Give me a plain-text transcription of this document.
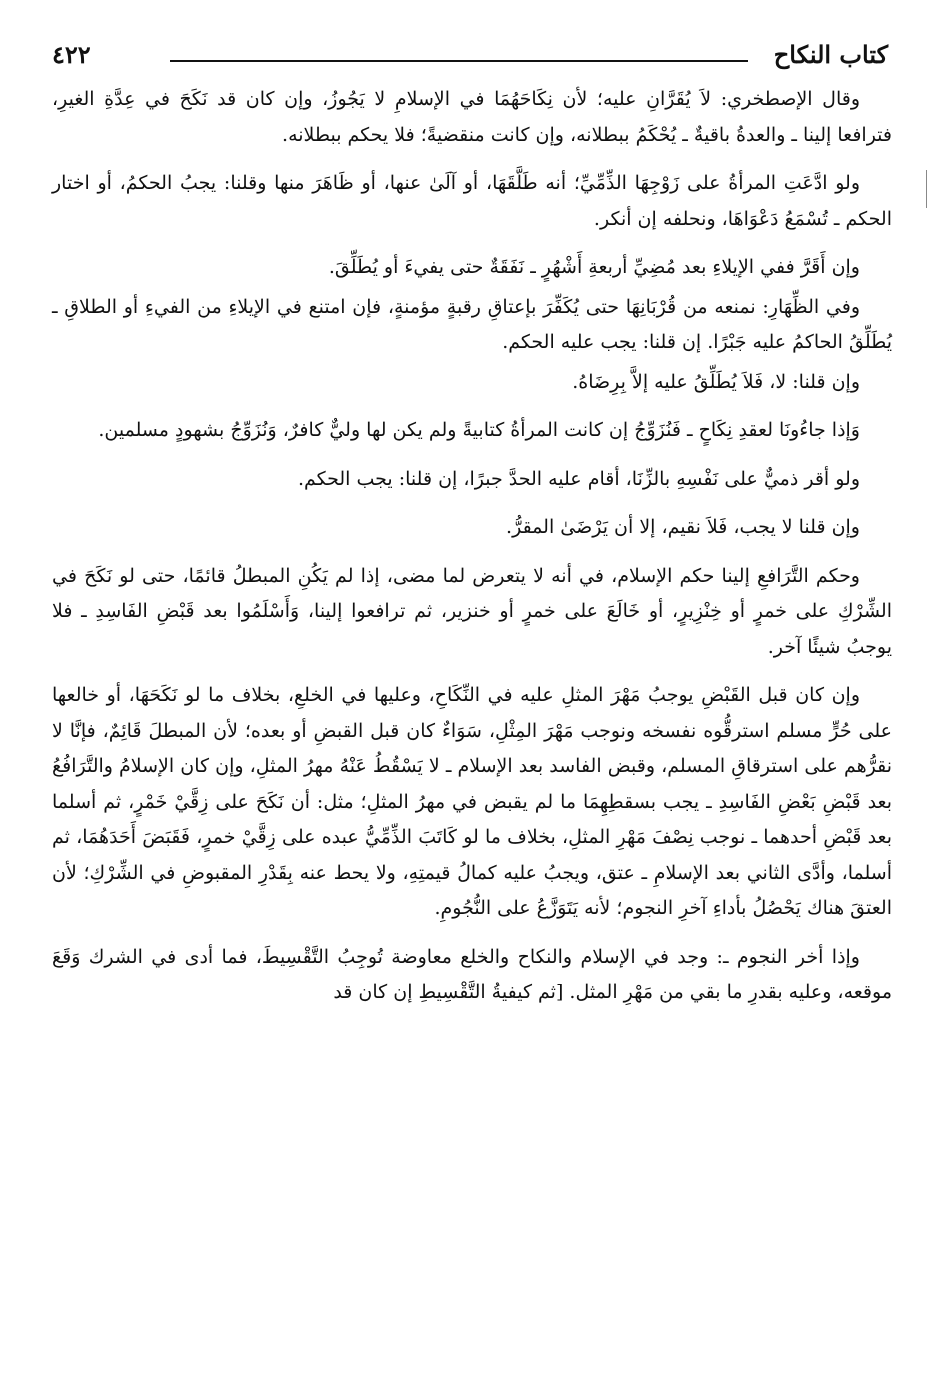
كتاب النكاح
٤٢٢

وقال الإصطخري: لاَ يُقَرَّانِ عليه؛ لأن نِكَاحَهُمَا في الإسلامِ لا يَجُوزُ، وإن كان قد نَكَحَ في عِدَّةِ الغيرِ، فترافعا إلينا ـ والعدةُ باقيةٌ ـ يُحْكَمُ ببطلانه، وإن كانت منقضيةً؛ فلا يحكم ببطلانه.

ولو ادَّعَتِ المرأةُ على زَوْجِهَا الذِّمِّيِّ؛ أنه طَلَّقَهَا، أو آلَىٰ عنها، أو ظَاهَرَ منها وقلنا: يجبُ الحكمُ، أو اختار الحكم ـ تُسْمَعُ دَعْوَاهَا، ونحلفه إن أنكر.

وإن أَقَرَّ ففي الإيلاءِ بعد مُضِيِّ أربعةِ أَشْهُرٍ ـ نَفَقَةٌ حتى يفيءَ أو يُطَلِّقَ.

وفي الظِّهَارِ: نمنعه من قُرْبَانِهَا حتى يُكَفِّرَ بإعتاقِ رقبةٍ مؤمنةٍ، فإن امتنع في الإيلاءِ من الفيءِ أو الطلاقِ ـ يُطَلِّقُ الحاكمُ عليه جَبْرًا. إن قلنا: يجب عليه الحكم.

وإن قلنا: لا، فَلاَ يُطَلِّقُ عليه إلاَّ بِرِضَاهُ.

وَإذا جاءُونَا لعقدِ نِكَاحٍ ـ فَنُزَوِّجُ إن كانت المرأةُ كتابيةً ولم يكن لها وليٌّ كافرٌ، وَنُزَوِّجُ بشهودٍ مسلمين.

ولو أقر ذميٌّ على نَفْسِهِ بالزِّنَا، أقام عليه الحدَّ جبرًا، إن قلنا: يجب الحكم.

وإن قلنا لا يجب، فَلاَ نقيم، إلا أن يَرْضَىٰ المقرُّ.

وحكم التَّرَافعِ إلينا حكم الإسلام، في أنه لا يتعرض لما مضى، إذا لم يَكُنِ المبطلُ قائمًا، حتى لو نَكَحَ في الشِّرْكِ على خمرٍ أو خِنْزِيرٍ، أو خَالَعَ على خمرٍ أو خنزير، ثم ترافعوا إلينا، وَأَسْلَمُوا بعد قَبْضِ الفَاسِدِ ـ فلا يوجبُ شيئًا آخر.

وإن كان قبل القَبْضِ يوجبُ مَهْرَ المثلِ عليه في النِّكَاحِ، وعليها في الخلعِ، بخلاف ما لو نَكَحَهَا، أو خالعها على حُرٍّ مسلم استرقُّوه نفسخه ونوجب مَهْرَ المِثْلِ، سَوَاءٌ كان قبل القبضِ أو بعده؛ لأن المبطلَ قَائِمٌ، فإنَّا لا نقرُّهم على استرقاقِ المسلم، وقبض الفاسد بعد الإسلام ـ لا يَسْقُطُ عَنْهُ مهرُ المثلِ، وإن كان الإسلامُ والتَّرَافُعُ بعد قَبْضِ بَعْضِ الفَاسِدِ ـ يجب بسقطِهِمَا ما لم يقبض في مهرُ المثلِ؛ مثل: أن نَكَحَ على زِقَّيْ خَمْرٍ، ثم أسلما بعد قَبْضِ أحدهما ـ نوجب نِصْفَ مَهْرِ المثلِ، بخلاف ما لو كَاتَبَ الذِّمِّيُّ عبده على زِقَّيْ خمرٍ، فَقَبَضَ أَحَدَهُمَا، ثم أسلما، وأدَّى الثاني بعد الإسلامِ ـ عتق، ويجبُ عليه كمالُ قيمتِهِ، ولا يحط عنه بِقَدْرِ المقبوضِ في الشِّرْكِ؛ لأن العتقَ هناك يَحْصُلُ بأداءِ آخرِ النجوم؛ لأنه يَتَوَزَّعُ على النُّجُومِ.

وإذا أخر النجوم ـ: وجد في الإسلام والنكاح والخلع معاوضة تُوجِبُ التَّقْسِيطَ، فما أدى في الشرك وَقَعَ موقعه، وعليه بقدرِ ما بقي من مَهْرِ المثل. [ثم كيفيةُ التَّقْسِيطِ إن كان قد
